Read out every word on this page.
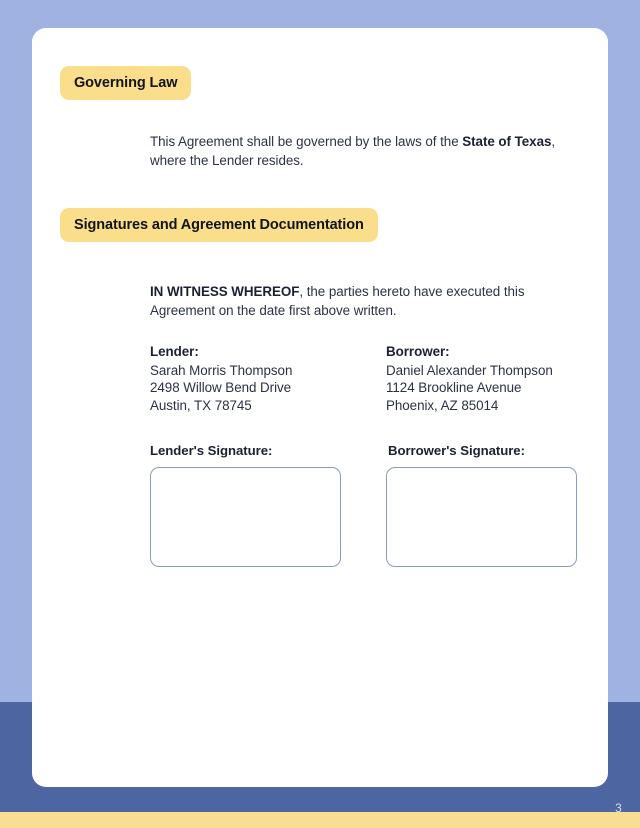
Governing Law

This Agreement shall be governed by the laws of the State of Texas, where the Lender resides.

Signatures and Agreement Documentation

IN WITNESS WHEREOF, the parties hereto have executed this Agreement on the date first above written.

Lender:
Sarah Morris Thompson
2498 Willow Bend Drive
Austin, TX 78745
Borrower:
Daniel Alexander Thompson
1124 Brookline Avenue
Phoenix, AZ 85014
Lender's Signature:	Borrower's Signature:
3
